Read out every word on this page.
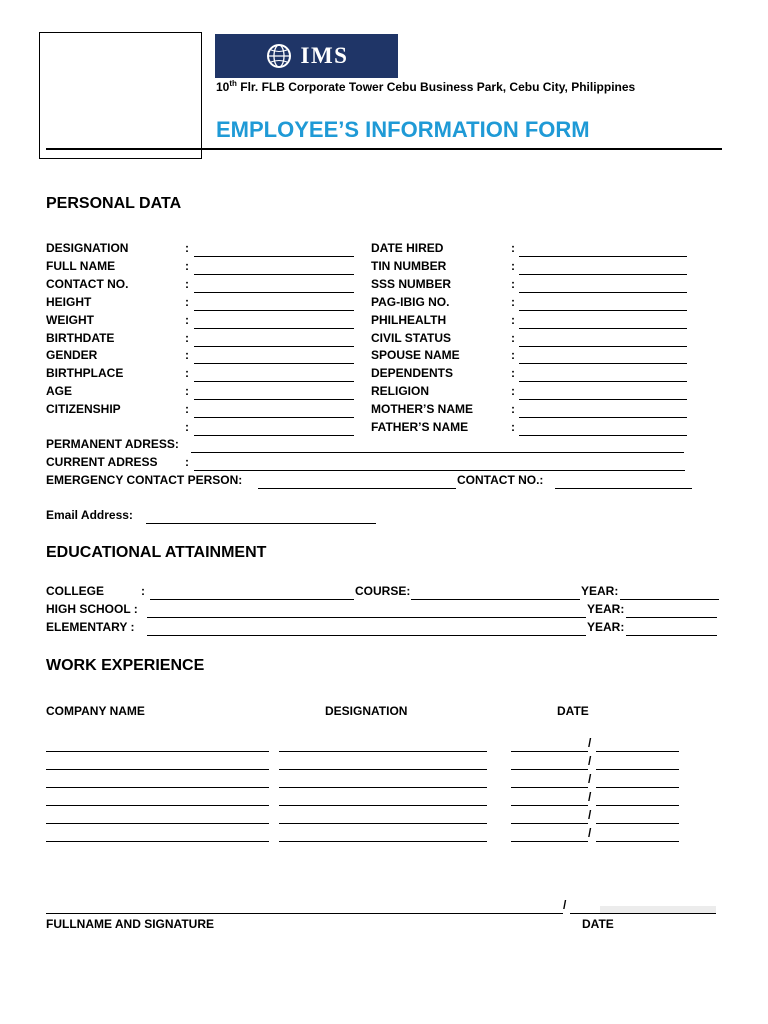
IMS
10th Flr. FLB Corporate Tower Cebu Business Park, Cebu City, Philippines
EMPLOYEE’S INFORMATION FORM
PERSONAL DATA
DESIGNATION	:	DATE HIRED	:
FULL NAME	:	TIN NUMBER	:
CONTACT NO.	:	SSS NUMBER	:
HEIGHT	:	PAG-IBIG NO.	:
WEIGHT	:	PHILHEALTH	:
BIRTHDATE	:	CIVIL STATUS	:
GENDER	:	SPOUSE NAME	:
BIRTHPLACE	:	DEPENDENTS	:
AGE	:	RELIGION	:
CITIZENSHIP	:	MOTHER’S NAME	:
:	FATHER’S NAME	:
PERMANENT ADRESS:
CURRENT ADRESS :
EMERGENCY CONTACT PERSON:	CONTACT NO.:
Email Address:
EDUCATIONAL ATTAINMENT
COLLEGE	:	COURSE:	YEAR:
HIGH SCHOOL :	YEAR:
ELEMENTARY :	YEAR:
WORK EXPERIENCE
COMPANY NAME	DESIGNATION	DATE
/
/
/
/
/
/
/
FULLNAME AND SIGNATURE	DATE
